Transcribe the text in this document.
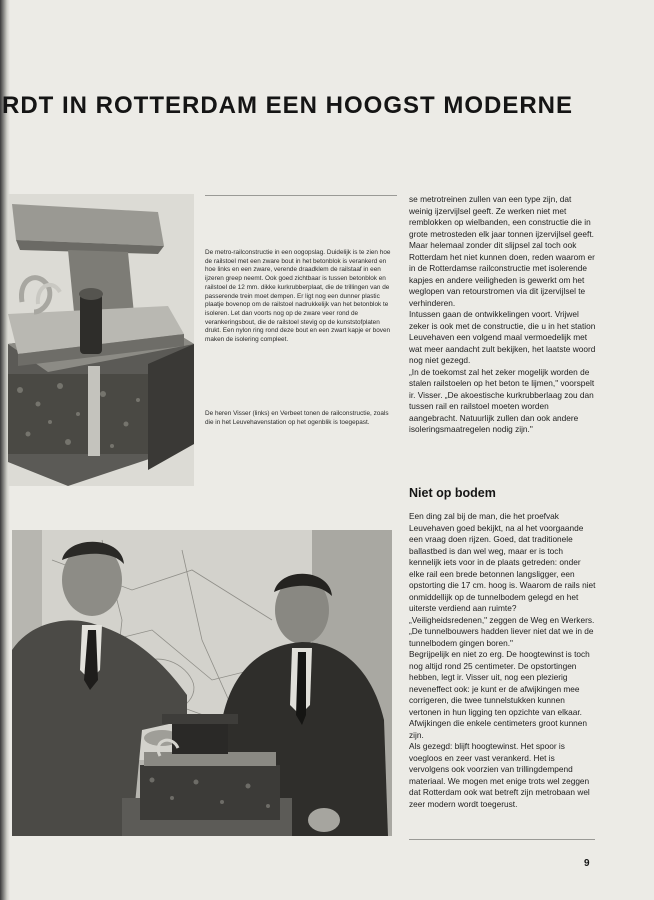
RDT IN ROTTERDAM EEN HOOGST MODERNE

De metro-railconstructie in een oogopslag. Duidelijk is te zien hoe de railstoel met een zware bout in het betonblok is verankerd en hoe links en een zware, verende draadklem de railstaaf in een ijzeren greep neemt. Ook goed zichtbaar is tussen betonblok en railstoel de 12 mm. dikke kurkrubberplaat, die de trillingen van de passerende trein moet dempen. Er ligt nog een dunner plastic plaatje bovenop om de railstoel nadrukkelijk van het betonblok te isoleren. Let dan voorts nog op de zware veer rond de verankeringsbout, die de railstoel stevig op de kunststofplaten drukt. Een nylon ring rond deze bout en een zwart kapje er boven maken de isolering compleet.

De heren Visser (links) en Verbeet tonen de railconstructie, zoals die in het Leuvehavenstation op het ogenblik is toegepast.

se metrotreinen zullen van een type zijn, dat weinig ijzervijlsel geeft. Ze werken niet met remblokken op wielbanden, een constructie die in grote metrosteden elk jaar tonnen ijzervijlsel geeft.

Maar helemaal zonder dit slijpsel zal toch ook Rotterdam het niet kunnen doen, reden waarom er in de Rotterdamse railconstructie met isolerende kapjes en andere veiligheden is gewerkt om het weglopen van retourstromen via dit ijzervijlsel te verhinderen.

Intussen gaan de ontwikkelingen voort. Vrijwel zeker is ook met de constructie, die u in het station Leuvehaven een volgend maal vermoedelijk met wat meer aandacht zult bekijken, het laatste woord nog niet gezegd.

„In de toekomst zal het zeker mogelijk worden de stalen railstoelen op het beton te lijmen," voorspelt ir. Visser. „De akoestische kurkrubberlaag zou dan tussen rail en railstoel moeten worden aangebracht. Natuurlijk zullen dan ook andere isoleringsmaatregelen nodig zijn."

Niet op bodem

Een ding zal bij de man, die het proefvak Leuvehaven goed bekijkt, na al het voorgaande een vraag doen rijzen. Goed, dat traditionele ballastbed is dan wel weg, maar er is toch kennelijk iets voor in de plaats getreden: onder elke rail een brede betonnen langsligger, een opstorting die 17 cm. hoog is. Waarom de rails niet onmiddellijk op de tunnelbodem gelegd en het uiterste verdiend aan ruimte?

„Veiligheidsredenen," zeggen de Weg en Werkers. „De tunnelbouwers hadden liever niet dat we in de tunnelbodem gingen boren."

Begrijpelijk en niet zo erg. De hoogtewinst is toch nog altijd rond 25 centimeter. De opstortingen hebben, legt ir. Visser uit, nog een plezierig neveneffect ook: je kunt er de afwijkingen mee corrigeren, die twee tunnelstukken kunnen vertonen in hun ligging ten opzichte van elkaar. Afwijkingen die enkele centimeters groot kunnen zijn.

Als gezegd: blijft hoogtewinst. Het spoor is voegloos en zeer vast verankerd. Het is vervolgens ook voorzien van trillingdempend materiaal. We mogen met enige trots wel zeggen dat Rotterdam ook wat betreft zijn metrobaan wel zeer modern wordt toegerust.

9
